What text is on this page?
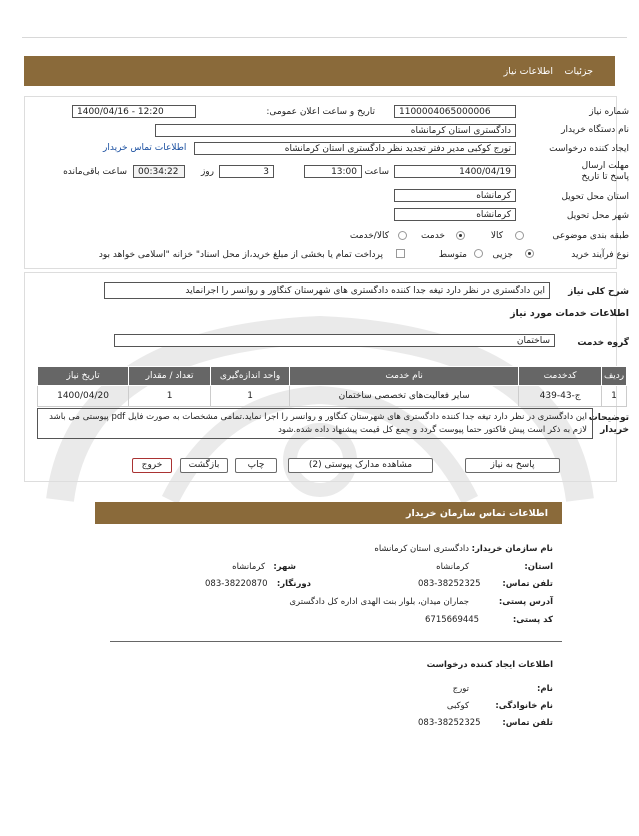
جزئیات
اطلاعات نیاز
شماره نیاز
1100004065000006
تاریخ و ساعت اعلان عمومی:
1400/04/16 - 12:20
نام دستگاه خریدار
دادگستری استان کرمانشاه
ایجاد کننده درخواست
تورج کوکبی مدیر دفتر تجدید نظر دادگستری استان کرمانشاه
اطلاعات تماس خریدار
مهلت ارسال پاسخ تا تاریخ
1400/04/19
ساعت
13:00
3
روز
00:34:22
ساعت باقی‌مانده
استان محل تحویل
کرمانشاه
شهر محل تحویل
کرمانشاه
طبقه بندی موضوعی
کالا
خدمت
کالا/خدمت
نوع فرآیند خرید
جزیی
متوسط
پرداخت تمام یا بخشی از مبلغ خرید،از محل اسناد" خزانه "اسلامی خواهد بود
شرح کلی نیاز
این دادگستری در نظر دارد تیغه جدا کننده دادگستری های شهرستان کنگاور و روانسر را اجرانماید
اطلاعات خدمات مورد نیاز
گروه خدمت
ساختمان
ردیف	کدخدمت	نام خدمت	واحد اندازه‌گیری	تعداد / مقدار	تاریخ نیاز
1	ج-43-439	سایر فعالیت‌های تخصصی ساختمان	1	1	1400/04/20
توضیحات خریدار
این دادگستری در نظر دارد تیغه جدا کننده دادگستری های شهرستان کنگاور و روانسر را اجرا نماید.تمامی مشخصات به صورت فایل pdf پیوستی می باشد لازم به ذکر است پیش فاکتور حتما پیوست گردد و جمع کل قیمت پیشنهاد داده شده.شود
پاسخ به نیاز
مشاهده مدارک پیوستی (2)
چاپ
بازگشت
خروج
اطلاعات تماس سازمان خریدار
نام سازمان خریدار:
دادگستری استان کرمانشاه
استان:
کرمانشاه
شهر:
کرمانشاه
تلفن تماس:
083-38252325
دورنگار:
083-38220870
آدرس پستی:
جماران میدان، بلوار بنت الهدی اداره کل دادگستری
کد پستی:
6715669445
اطلاعات ایجاد کننده درخواست
نام:
تورج
نام خانوادگی:
کوکبی
تلفن تماس:
083-38252325
